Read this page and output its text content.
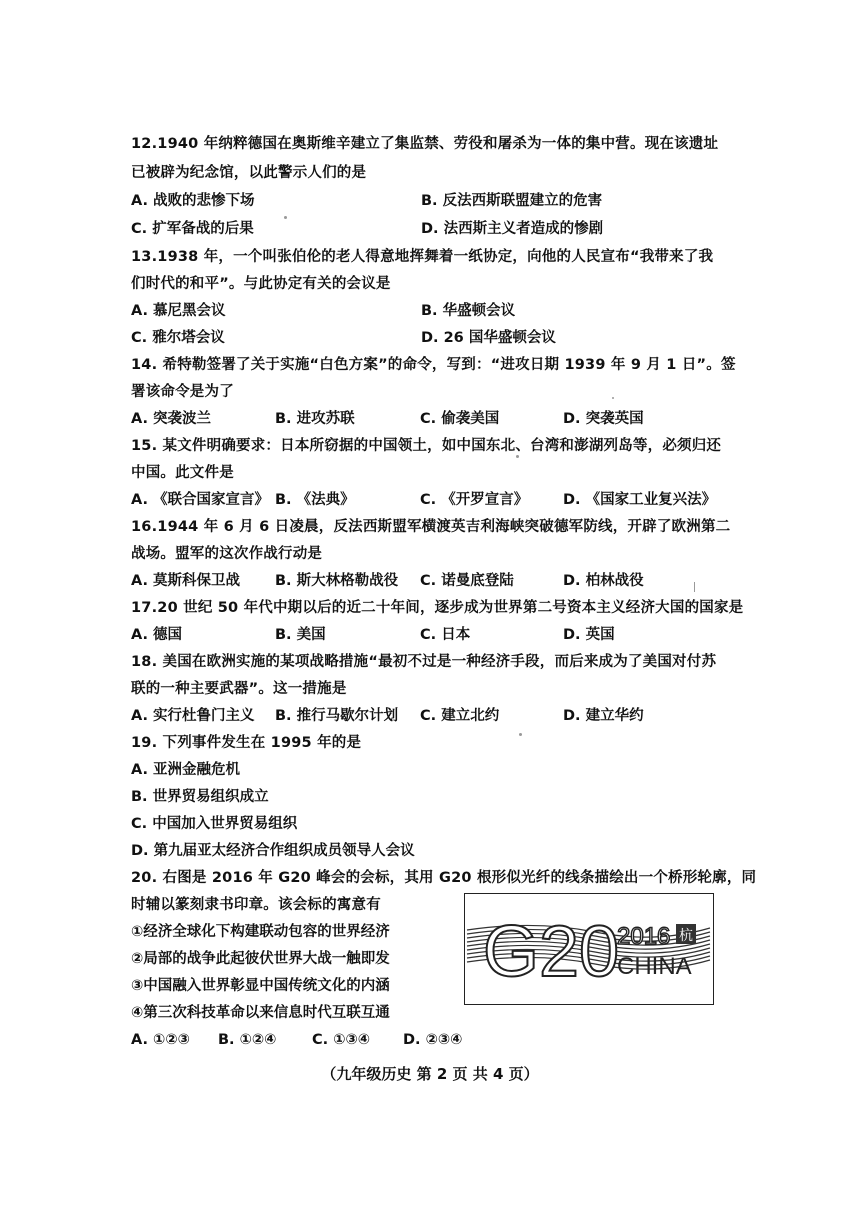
12.1940 年纳粹德国在奥斯维辛建立了集监禁、劳役和屠杀为一体的集中营。现在该遗址
已被辟为纪念馆，以此警示人们的是
A. 战败的悲惨下场	B. 反法西斯联盟建立的危害
C. 扩军备战的后果	D. 法西斯主义者造成的惨剧
13.1938 年，一个叫张伯伦的老人得意地挥舞着一纸协定，向他的人民宣布“我带来了我
们时代的和平”。与此协定有关的会议是
A. 慕尼黑会议	B. 华盛顿会议
C. 雅尔塔会议	D. 26 国华盛顿会议
14. 希特勒签署了关于实施“白色方案”的命令，写到：“进攻日期 1939 年 9 月 1 日”。签
署该命令是为了
A. 突袭波兰	B. 进攻苏联	C. 偷袭美国	D. 突袭英国
15. 某文件明确要求：日本所窃据的中国领土，如中国东北、台湾和澎湖列岛等，必须归还
中国。此文件是
A. 《联合国家宣言》 B. 《法典》	C. 《开罗宣言》 D. 《国家工业复兴法》
16.1944 年 6 月 6 日凌晨，反法西斯盟军横渡英吉利海峡突破德军防线，开辟了欧洲第二
战场。盟军的这次作战行动是
A. 莫斯科保卫战 B. 斯大林格勒战役 C. 诺曼底登陆	D. 柏林战役
17.20 世纪 50 年代中期以后的近二十年间，逐步成为世界第二号资本主义经济大国的国家是
A. 德国	B. 美国	C. 日本	D. 英国
18. 美国在欧洲实施的某项战略措施“最初不过是一种经济手段，而后来成为了美国对付苏
联的一种主要武器”。这一措施是
A. 实行杜鲁门主义 B. 推行马歇尔计划 C. 建立北约	D. 建立华约
19. 下列事件发生在 1995 年的是
A. 亚洲金融危机
B. 世界贸易组织成立
C. 中国加入世界贸易组织
D. 第九届亚太经济合作组织成员领导人会议
20. 右图是 2016 年 G20 峰会的会标，其用 G20 根形似光纤的线条描绘出一个桥形轮廓，同
时辅以篆刻隶书印章。该会标的寓意有
①经济全球化下构建联动包容的世界经济
②局部的战争此起彼伏世界大战一触即发
③中国融入世界彰显中国传统文化的内涵
④第三次科技革命以来信息时代互联互通
A. ①②③ B. ①②④ C. ①③④ D. ②③④
G20
2016 杭
CHINA
（九年级历史 第 2 页 共 4 页）
